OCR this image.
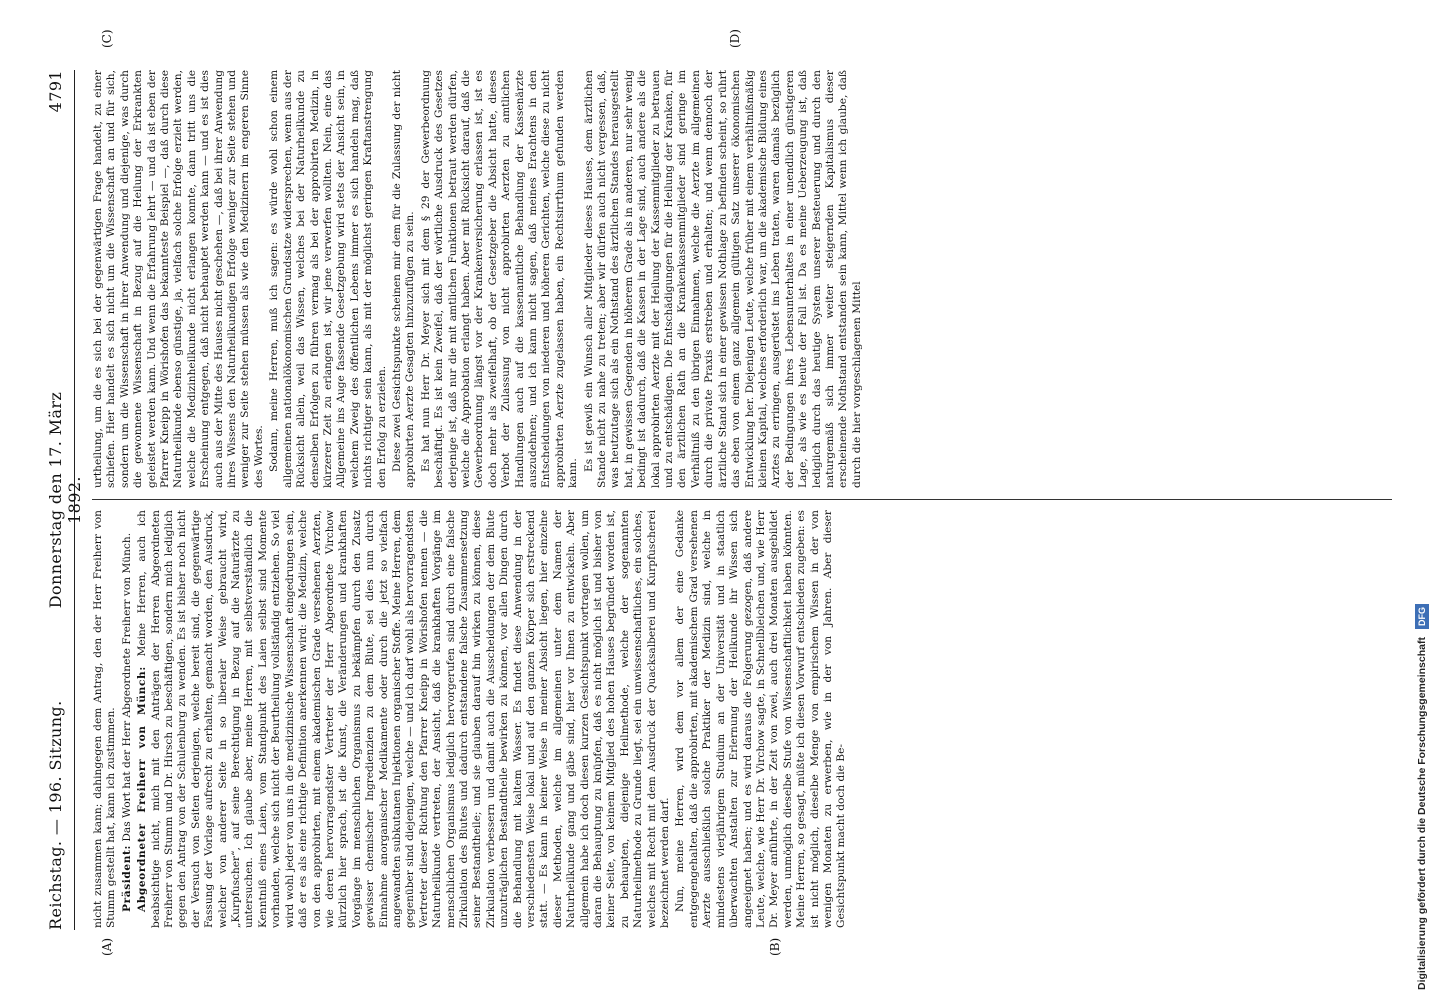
Reichstag. — 196. Sitzung.
Donnerstag den 17. März 1892.
4791
(A)	(B)
(C)	(D)

nicht zusammen kann; dahingegen dem Antrag, den der Herr Freiherr von Stumm gestellt hat, kann ich zustimmen. Präsident: Das Wort hat der Herr Abgeordnete Freiherr von Münch. Abgeordneter Freiherr von Münch: Meine Herren, auch ich beabsichtige nicht, mich mit den Anträgen der Herren Abgeordneten Freiherr von Stumm und Dr. Hirsch zu beschäftigen, sondern mich lediglich gegen den Antrag von der Schulenburg zu wenden. Es ist bisher noch nicht der Versuch von Seiten derjenigen, welche bereit sind, die gegenwärtige Fassung der Vorlage aufrecht zu erhalten, gemacht worden, den Ausdruck, welcher von anderer Seite in so liberaler Weise gebraucht wird, „Kurpfuscher“, auf seine Berechtigung in Bezug auf die Naturärzte zu untersuchen. Ich glaube aber, meine Herren, mit selbstverständlich die Kenntniß eines Laien, vom Standpunkt des Laien selbst sind Momente vorhanden, welche sich nicht der Beurtheilung vollständig entziehen. So viel wird wohl jeder von uns in die medizinische Wissenschaft eingedrungen sein, daß er es als eine richtige Definition anerkennen wird: die Medizin, welche von den approbirten, mit einem akademischen Grade versehenen Aerzten, wie deren hervorragendster Vertreter der Herr Abgeordnete Virchow kürzlich hier sprach, ist die Kunst, die Veränderungen und krankhaften Vorgänge im menschlichen Organismus zu bekämpfen durch den Zusatz gewisser chemischer Ingredienzien zu dem Blute, sei dies nun durch Einnahme anorganischer Medikamente oder durch die jetzt so vielfach angewandten subkutanen Injektionen organischer Stoffe. Meine Herren, dem gegenüber sind diejenigen, welche — und ich darf wohl als hervorragendsten Vertreter dieser Richtung den Pfarrer Kneipp in Wörishofen nennen — die Naturheilkunde vertreten, der Ansicht, daß die krankhaften Vorgänge im menschlichen Organismus lediglich hervorgerufen sind durch eine falsche Zirkulation des Blutes und dadurch entstandene falsche Zusammensetzung seiner Bestandtheile; und sie glauben darauf hin wirken zu können, diese Zirkulation verbessern und damit auch die Ausscheidungen der dem Blute unzuträglichen Bestandtheile bewirken zu können, vor allen Dingen durch die Behandlung mit kaltem Wasser. Es findet diese Anwendung in der verschiedensten Weise lokal und auf den ganzen Körper sich erstreckend statt. — Es kann in keiner Weise in meiner Absicht liegen, hier einzelne dieser Methoden, welche im allgemeinen unter dem Namen der Naturheilkunde gang und gäbe sind, hier vor Ihnen zu entwickeln. Aber allgemein habe ich doch diesen kurzen Gesichtspunkt vortragen wollen, um daran die Behauptung zu knüpfen, daß es nicht möglich ist und bisher von keiner Seite, von keinem Mitglied des hohen Hauses begründet worden ist, zu behaupten, diejenige Heilmethode, welche der sogenannten Naturheilmethode zu Grunde liegt, sei ein unwissenschaftliches, ein solches, welches mit Recht mit dem Ausdruck der Quacksalberei und Kurpfuscherei bezeichnet werden darf. Nun, meine Herren, wird dem vor allem der eine Gedanke entgegengehalten, daß die approbirten, mit akademischem Grad versehenen Aerzte ausschließlich solche Praktiker der Medizin sind, welche in mindestens vierjährigem Studium an der Universität und in staatlich überwachten Anstalten zur Erlernung der Heilkunde ihr Wissen sich angeeignet haben; und es wird daraus die Folgerung gezogen, daß andere Leute, welche, wie Herr Dr. Virchow sagte, in Schnellbleichen und, wie Herr Dr. Meyer anführte, in der Zeit von zwei, auch drei Monaten ausgebildet werden, unmöglich dieselbe Stufe von Wissenschaftlichkeit haben könnten. Meine Herren, so gesagt, müßte ich diesen Vorwurf entschieden zugeben: es ist nicht möglich, dieselbe Menge von empirischem Wissen in der von wenigen Monaten zu erwerben, wie in der von Jahren. Aber dieser Gesichtspunkt macht doch die Be-

urtheilung, um die es sich bei der gegenwärtigen Frage handelt, zu einer schiefen. Hier handelt es sich nicht um die Wissenschaft an und für sich, sondern um die Wissenschaft in ihrer Anwendung und diejenige, was durch die gewonnene Wissenschaft in Bezug auf die Heilung der Erkrankten geleistet werden kann. Und wenn die Erfahrung lehrt — und da ist eben der Pfarrer Kneipp in Wörishofen das bekannteste Beispiel —, daß durch diese Naturheilkunde ebenso günstige, ja, vielfach solche Erfolge erzielt werden, welche die Medizinheilkunde nicht erlangen konnte, dann tritt uns die Erscheinung entgegen, daß nicht behauptet werden kann — und es ist dies auch aus der Mitte des Hauses nicht geschehen —, daß bei ihrer Anwendung ihres Wissens den Naturheilkundigen Erfolge weniger zur Seite stehen und weniger zur Seite stehen müssen als wie den Medizinern im engeren Sinne des Wortes. Sodann, meine Herren, muß ich sagen: es würde wohl schon einem allgemeinen nationalökonomischen Grundsatze widersprechen, wenn aus der Rücksicht allein, weil das Wissen, welches bei der Naturheilkunde zu denselben Erfolgen zu führen vermag als bei der approbirten Medizin, in kürzerer Zeit zu erlangen ist, wir jene verwerfen wollten. Nein, eine das Allgemeine ins Auge fassende Gesetzgebung wird stets der Ansicht sein, in welchem Zweig des öffentlichen Lebens immer es sich handeln mag, daß nichts richtiger sein kann, als mit der möglichst geringen Kraftanstrengung den Erfolg zu erzielen. Diese zwei Gesichtspunkte scheinen mir dem für die Zulassung der nicht approbirten Aerzte Gesagten hinzuzufügen zu sein. Es hat nun Herr Dr. Meyer sich mit dem § 29 der Gewerbeordnung beschäftigt. Es ist kein Zweifel, daß der wörtliche Ausdruck des Gesetzes derjenige ist, daß nur die mit amtlichen Funktionen betraut werden dürfen, welche die Approbation erlangt haben. Aber mit Rücksicht darauf, daß die Gewerbeordnung längst vor der Krankenversicherung erlassen ist, ist es doch mehr als zweifelhaft, ob der Gesetzgeber die Absicht hatte, dieses Verbot der Zulassung von nicht approbirten Aerzten zu amtlichen Handlungen auch auf die kassenamtliche Behandlung der Kassenärzte auszudehnen; und ich kann nicht sagen, daß meines Erachtens in den Entscheidungen von niederen und höheren Gerichten, welche diese zu nicht approbirten Aerzte zugelassen haben, ein Rechtsirrthum gefunden werden kann.

Es ist gewiß ein Wunsch aller Mitglieder dieses Hauses, dem ärztlichen Stande nicht zu nahe zu treten; aber wir dürfen auch nicht vergessen, daß, was heutzutage sich als ein Nothstand des ärztlichen Standes herausgestellt hat, in gewissen Gegenden in höherem Grade als in anderen, nur sehr wenig bedingt ist dadurch, daß die Kassen in der Lage sind, auch andere als die lokal approbirten Aerzte mit der Heilung der Kassenmitglieder zu betrauen und zu entschädigen. Die Entschädigungen für die Heilung der Kranken, für den ärztlichen Rath an die Krankenkassenmitglieder sind geringe im Verhältniß zu den übrigen Einnahmen, welche die Aerzte im allgemeinen durch die private Praxis erstreben und erhalten; und wenn dennoch der ärztliche Stand sich in einer gewissen Nothlage zu befinden scheint, so rührt das eben von einem ganz allgemein gültigen Satz unserer ökonomischen Entwicklung her. Diejenigen Leute, welche früher mit einem verhältnißmäßig kleinen Kapital, welches erforderlich war, um die akademische Bildung eines Arztes zu erringen, ausgerüstet ins Leben traten, waren damals bezüglich der Bedingungen ihres Lebensunterhaltes in einer unendlich günstigeren Lage, als wie es heute der Fall ist. Da es meine Ueberzeugung ist, daß lediglich durch das heutige System unserer Besteuerung und durch den naturgemäß sich immer weiter steigernden Kapitalismus dieser erscheinende Nothstand entstanden sein kann, Mittel wenn ich glaube, daß durch die hier vorgeschlagenen Mittel

Digitalisierung gefördert durch die Deutsche ForschungsgemeinschaftDFG
